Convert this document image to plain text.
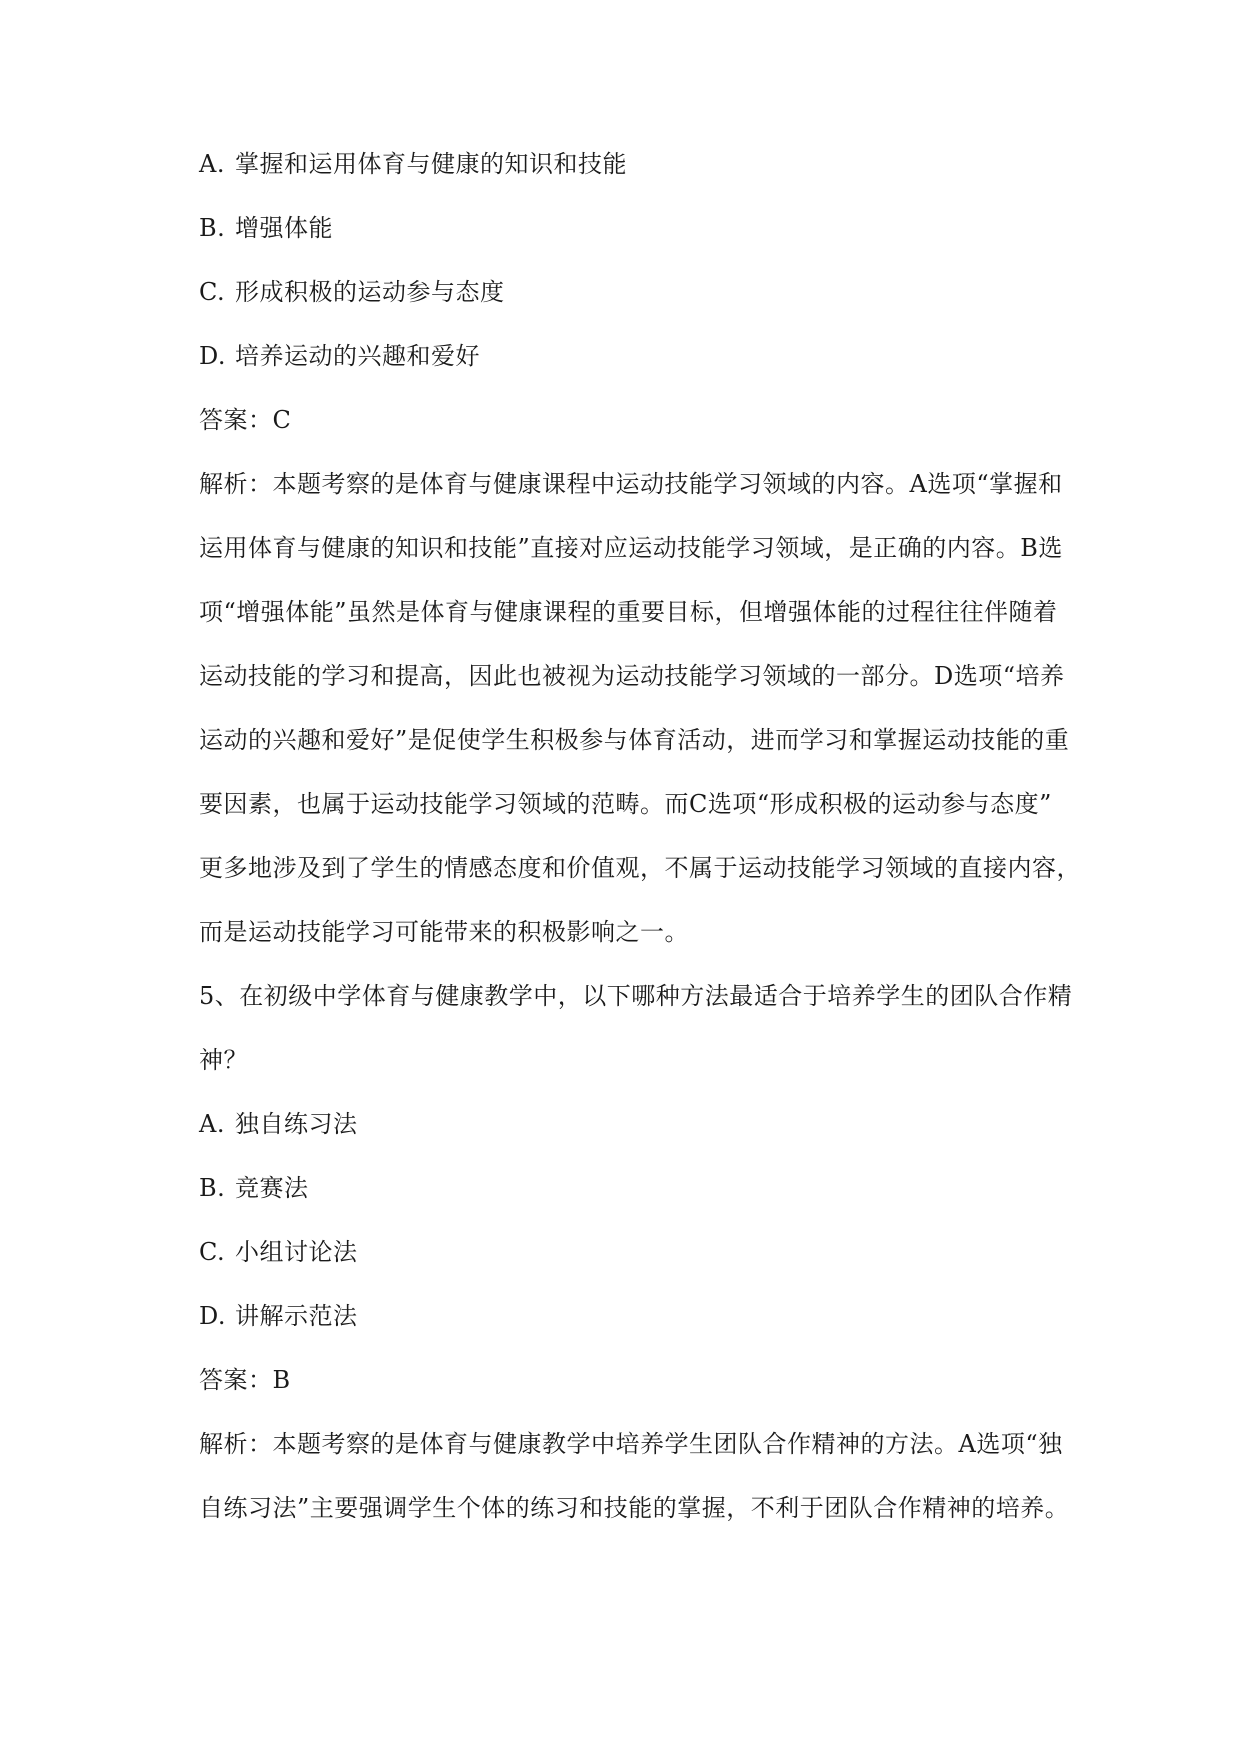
A. 掌握和运用体育与健康的知识和技能
B. 增强体能
C. 形成积极的运动参与态度
D. 培养运动的兴趣和爱好
答案：C
解析：本题考察的是体育与健康课程中运动技能学习领域的内容。A选项“掌握和
运用体育与健康的知识和技能”直接对应运动技能学习领域，是正确的内容。B选
项“增强体能”虽然是体育与健康课程的重要目标，但增强体能的过程往往伴随着
运动技能的学习和提高，因此也被视为运动技能学习领域的一部分。D选项“培养
运动的兴趣和爱好”是促使学生积极参与体育活动，进而学习和掌握运动技能的重
要因素，也属于运动技能学习领域的范畴。而C选项“形成积极的运动参与态度”
更多地涉及到了学生的情感态度和价值观，不属于运动技能学习领域的直接内容，
而是运动技能学习可能带来的积极影响之一。
5、在初级中学体育与健康教学中，以下哪种方法最适合于培养学生的团队合作精
神？
A. 独自练习法
B. 竞赛法
C. 小组讨论法
D. 讲解示范法
答案：B
解析：本题考察的是体育与健康教学中培养学生团队合作精神的方法。A选项“独
自练习法”主要强调学生个体的练习和技能的掌握，不利于团队合作精神的培养。
